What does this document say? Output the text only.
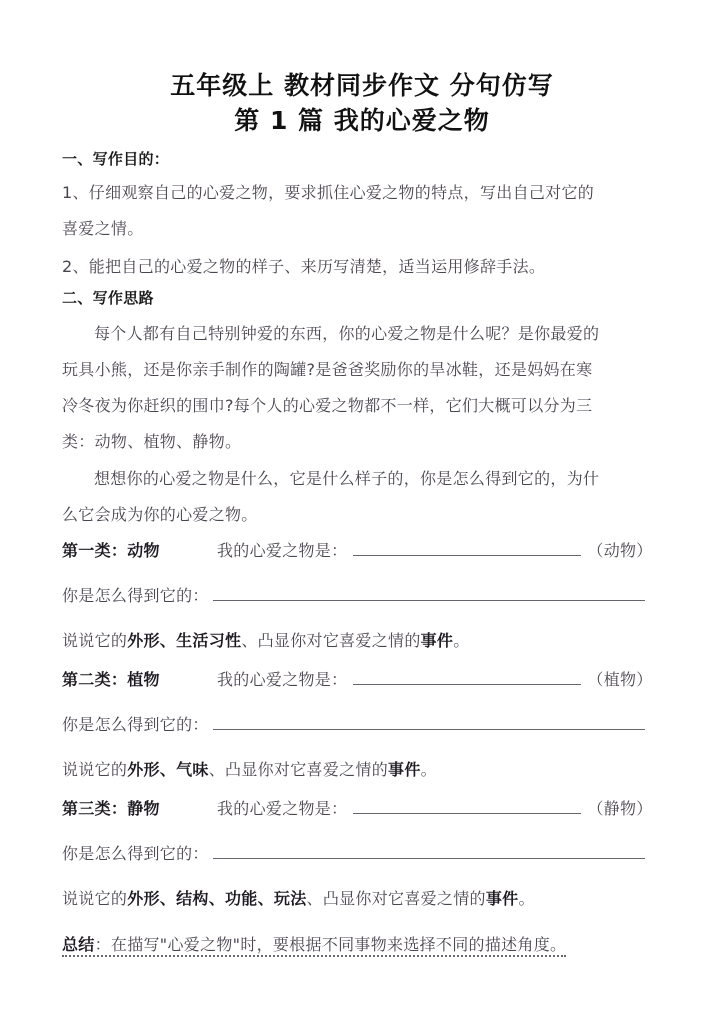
五年级上 教材同步作文 分句仿写
第 1 篇 我的心爱之物
一、写作目的：
1、仔细观察自己的心爱之物，要求抓住心爱之物的特点，写出自己对它的
喜爱之情。
2、能把自己的心爱之物的样子、来历写清楚，适当运用修辞手法。
二、写作思路
每个人都有自己特别钟爱的东西，你的心爱之物是什么呢？是你最爱的
玩具小熊，还是你亲手制作的陶罐?是爸爸奖励你的旱冰鞋，还是妈妈在寒
冷冬夜为你赶织的围巾?每个人的心爱之物都不一样，它们大概可以分为三
类：动物、植物、静物。
想想你的心爱之物是什么，它是什么样子的，你是怎么得到它的，为什
么它会成为你的心爱之物。
第一类：动物	我的心爱之物是：	（动物）
你是怎么得到它的：
说说它的外形、生活习性、凸显你对它喜爱之情的事件。
第二类：植物	我的心爱之物是：	（植物）
你是怎么得到它的：
说说它的外形、气味、凸显你对它喜爱之情的事件。
第三类：静物	我的心爱之物是：	（静物）
你是怎么得到它的：
说说它的外形、结构、功能、玩法、凸显你对它喜爱之情的事件。
总结：在描写"心爱之物"时，要根据不同事物来选择不同的描述角度。
